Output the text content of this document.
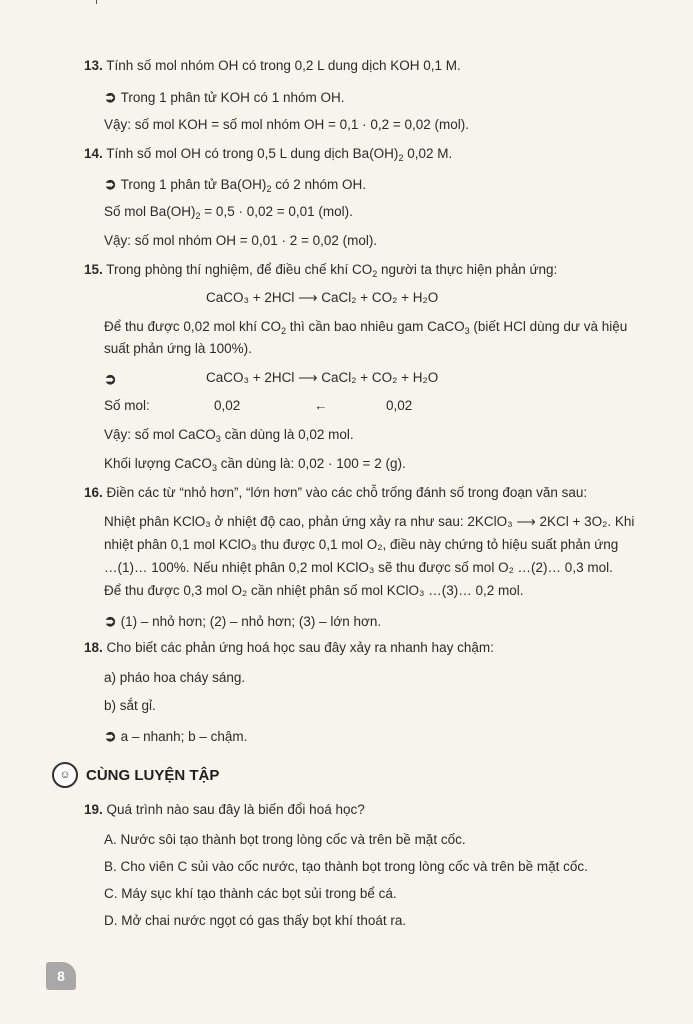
13. Tính số mol nhóm OH có trong 0,2 L dung dịch KOH 0,1 M.
➲ Trong 1 phân tử KOH có 1 nhóm OH.
Vậy: số mol KOH = số mol nhóm OH = 0,1 · 0,2 = 0,02 (mol).
14. Tính số mol OH có trong 0,5 L dung dịch $Ba(OH)_2$ 0,02 M.
➲ Trong 1 phân tử $Ba(OH)_2$ có 2 nhóm OH.
Số mol $Ba(OH)_2 = 0,5 \cdot 0,02 = 0,01$ (mol).
Vậy: số mol nhóm OH = 0,01 · 2 = 0,02 (mol).
15. Trong phòng thí nghiệm, để điều chế khí $CO_2$ người ta thực hiện phản ứng:
CaCO₃ + 2HCl ⟶ CaCl₂ + CO₂ + H₂O
Để thu được 0,02 mol khí $CO_2$ thì cần bao nhiêu gam CaCO$_3$ (biết HCl dùng dư và hiệu
suất phản ứng là 100%).
➲	CaCO₃ + 2HCl ⟶ CaCl₂ + CO₂ + H₂O
Số mol:	0,02	←	0,02
Vậy: số mol CaCO$_3$ cần dùng là 0,02 mol.
Khối lượng CaCO$_3$ cần dùng là: 0,02 · 100 = 2 (g).
16. Điền các từ “nhỏ hơn”, “lớn hơn” vào các chỗ trống đánh số trong đoạn văn sau:
Nhiệt phân KClO₃ ở nhiệt độ cao, phản ứng xảy ra như sau: 2KClO₃ ⟶ 2KCl + 3O₂. Khi
nhiệt phân 0,1 mol KClO₃ thu được 0,1 mol O₂, điều này chứng tỏ hiệu suất phản ứng
…(1)… 100%. Nếu nhiệt phân 0,2 mol KClO₃ sẽ thu được số mol O₂ …(2)… 0,3 mol.
Để thu được 0,3 mol O₂ cần nhiệt phân số mol KClO₃ …(3)… 0,2 mol.
➲ (1) – nhỏ hơn; (2) – nhỏ hơn; (3) – lớn hơn.
18. Cho biết các phản ứng hoá học sau đây xảy ra nhanh hay chậm:
a) pháo hoa cháy sáng.
b) sắt gỉ.
➲ a – nhanh; b – chậm.
☺	CÙNG LUYỆN TẬP
19. Quá trình nào sau đây là biến đổi hoá học?
A. Nước sôi tạo thành bọt trong lòng cốc và trên bề mặt cốc.
B. Cho viên C sủi vào cốc nước, tạo thành bọt trong lòng cốc và trên bề mặt cốc.
C. Máy sục khí tạo thành các bọt sủi trong bể cá.
D. Mở chai nước ngọt có gas thấy bọt khí thoát ra.
8
